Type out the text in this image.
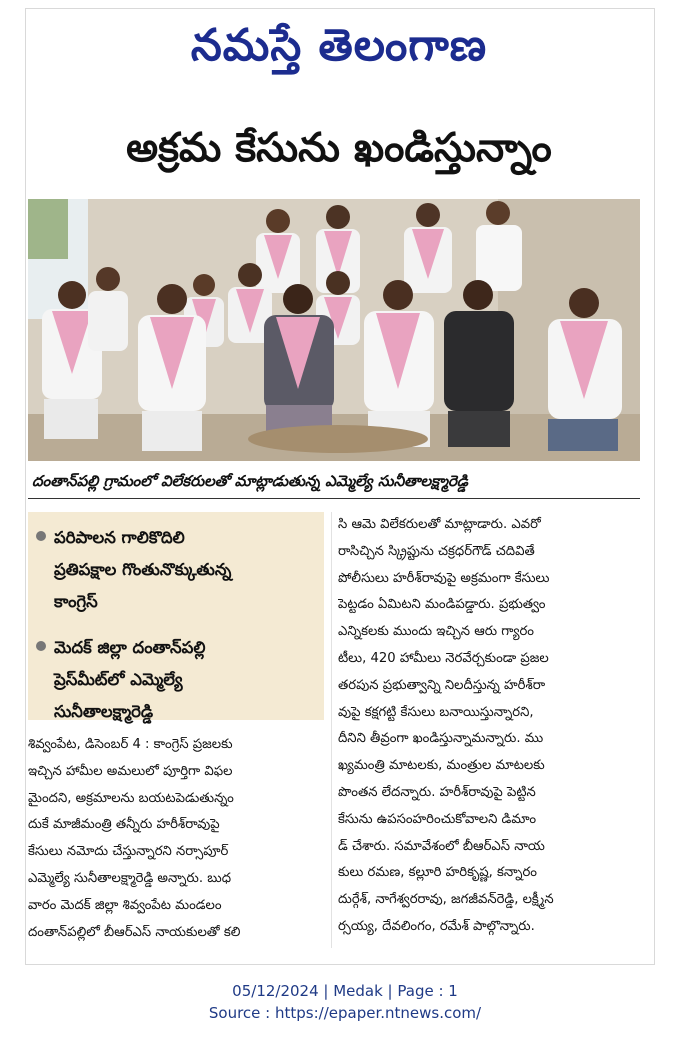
నమస్తే తెలంగాణ
అక్రమ కేసును ఖండిస్తున్నాం
దంతాన్‌పల్లి గ్రామంలో విలేకరులతో మాట్లాడుతున్న ఎమ్మెల్యే సునీతాలక్ష్మారెడ్డి
పరిపాలన గాలికొదిలి
ప్రతిపక్షాల గొంతునొక్కుతున్న
కాంగ్రెస్
మెదక్ జిల్లా దంతాన్‌పల్లి
ప్రెస్‌మీట్‌లో ఎమ్మెల్యే
సునీతాలక్ష్మారెడ్డి
శివ్వంపేట, డిసెంబర్ 4 : కాంగ్రెస్ ప్రజలకు
ఇచ్చిన హామీల అమలులో పూర్తిగా విఫల
మైందని, అక్రమాలను బయటపెడుతున్నం
దుకే మాజీమంత్రి తన్నీరు హరీశ్‌రావుపై
కేసులు నమోదు చేస్తున్నారని నర్సాపూర్
ఎమ్మెల్యే సునీతాలక్ష్మారెడ్డి అన్నారు. బుధ
వారం మెదక్ జిల్లా శివ్వంపేట మండలం
దంతాన్‌పల్లిలో బీఆర్‌ఎస్ నాయకులతో కలి
సి ఆమె విలేకరులతో మాట్లాడారు. ఎవరో
రాసిచ్చిన స్క్రిప్టును చక్రధర్‌గౌడ్ చదివితే
పోలీసులు హరీశ్‌రావుపై అక్రమంగా కేసులు
పెట్టడం ఏమిటని మండిపడ్డారు. ప్రభుత్వం
ఎన్నికలకు ముందు ఇచ్చిన ఆరు గ్యారం
టీలు, 420 హామీలు నెరవేర్చకుండా ప్రజల
తరపున ప్రభుత్వాన్ని నిలదీస్తున్న హరీశ్‌రా
వుపై కక్షగట్టి కేసులు బనాయిస్తున్నారని,
దీనిని తీవ్రంగా ఖండిస్తున్నామన్నారు. ము
ఖ్యమంత్రి మాటలకు, మంత్రుల మాటలకు
పొంతన లేదన్నారు. హరీశ్‌రావుపై పెట్టిన
కేసును ఉపసంహరించుకోవాలని డిమాం
డ్ చేశారు. సమావేశంలో బీఆర్‌ఎస్ నాయ
కులు రమణ, కల్లూరి హరికృష్ణ, కన్నారం
దుర్గేశ్, నాగేశ్వరరావు, జగజీవన్‌రెడ్డి, లక్ష్మీన
ర్సయ్య, దేవలింగం, రమేశ్ పాల్గొన్నారు.
05/12/2024 | Medak | Page : 1
Source : https://epaper.ntnews.com/
